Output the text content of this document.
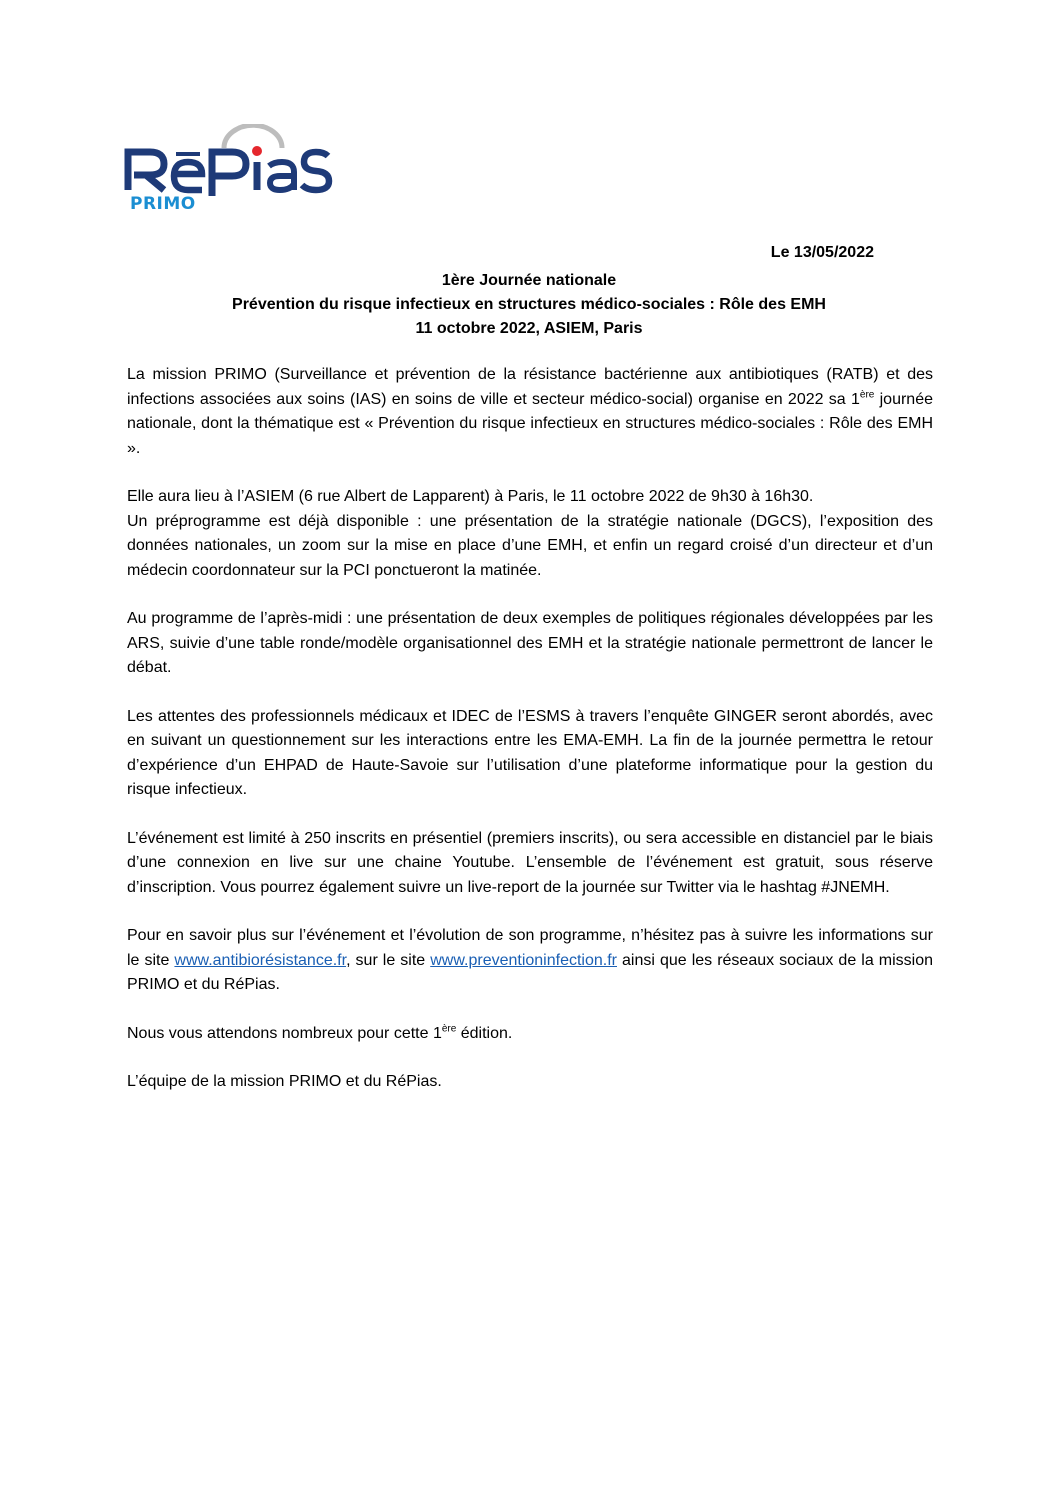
PRIMO
Le 13/05/2022
1ère Journée nationale
Prévention du risque infectieux en structures médico-sociales : Rôle des EMH
11 octobre 2022, ASIEM, Paris

La mission PRIMO (Surveillance et prévention de la résistance bactérienne aux antibiotiques (RATB) et des infections associées aux soins (IAS) en soins de ville et secteur médico-social) organise en 2022 sa 1ère journée nationale, dont la thématique est « Prévention du risque infectieux en structures médico-sociales : Rôle des EMH ».

Elle aura lieu à l’ASIEM (6 rue Albert de Lapparent) à Paris, le 11 octobre 2022 de 9h30 à 16h30.

Un préprogramme est déjà disponible : une présentation de la stratégie nationale (DGCS), l’exposition des données nationales, un zoom sur la mise en place d’une EMH, et enfin un regard croisé d’un directeur et d’un médecin coordonnateur sur la PCI ponctueront la matinée.

Au programme de l’après-midi : une présentation de deux exemples de politiques régionales développées par les ARS, suivie d’une table ronde/modèle organisationnel des EMH et la stratégie nationale permettront de lancer le débat.

Les attentes des professionnels médicaux et IDEC de l’ESMS à travers l’enquête GINGER seront abordés, avec en suivant un questionnement sur les interactions entre les EMA-EMH. La fin de la journée permettra le retour d’expérience d’un EHPAD de Haute-Savoie sur l’utilisation d’une plateforme informatique pour la gestion du risque infectieux.

L’événement est limité à 250 inscrits en présentiel (premiers inscrits), ou sera accessible en distanciel par le biais d’une connexion en live sur une chaine Youtube. L’ensemble de l’événement est gratuit, sous réserve d’inscription. Vous pourrez également suivre un live-report de la journée sur Twitter via le hashtag #JNEMH.

Pour en savoir plus sur l’événement et l’évolution de son programme, n’hésitez pas à suivre les informations sur le site www.antibiorésistance.fr, sur le site www.preventioninfection.fr ainsi que les réseaux sociaux de la mission PRIMO et du RéPias.

Nous vous attendons nombreux pour cette 1ère édition.

L’équipe de la mission PRIMO et du RéPias.
